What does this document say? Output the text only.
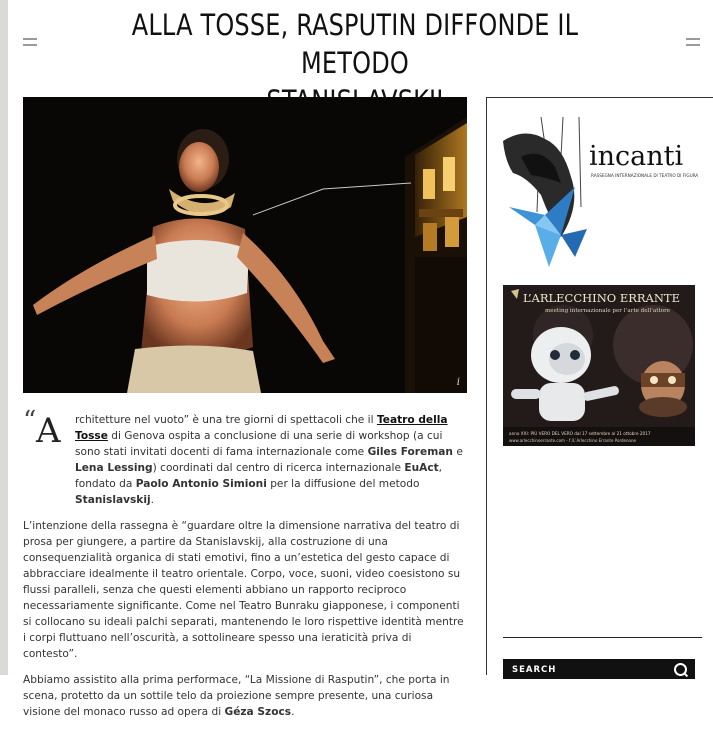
ALLA TOSSE, RASPUTIN DIFFONDE IL METODO

i

“ A	rchitetture nel vuoto” è una tre giorni di spettacoli che il Teatro della Tosse di Genova ospita a conclusione di una serie di workshop (a cui sono stati invitati docenti di fama internazionale come Giles Foreman e Lena Lessing) coordinati dal centro di ricerca internazionale EuAct, fondato da Paolo Antonio Simioni per la diffusione del metodo Stanislavskij.

L’intenzione della rassegna è “guardare oltre la dimensione narrativa del teatro di prosa per giungere, a partire da Stanislavskij, alla costruzione di una consequenzialità organica di stati emotivi, fino a un’estetica del gesto capace di abbracciare idealmente il teatro orientale. Corpo, voce, suoni, video coesistono su flussi paralleli, senza che questi elementi abbiano un rapporto reciproco necessariamente significante. Come nel Teatro Bunraku giapponese, i componenti si collocano su ideali palchi separati, mantenendo le loro rispettive identità mentre i corpi fluttuano nell’oscurità, a sottolineare spesso una ieraticità priva di contesto”.

Abbiamo assistito alla prima performace, “La Missione di Rasputin”, che porta in scena, protetto da un sottile telo da proiezione sempre presente, una curiosa visione del monaco russo ad opera di Géza Szocs.

incanti
RASSEGNA INTERNAZIONALE DI TEATRO DI FIGURA
L’ARLECCHINO ERRANTE
meeting internazionale per l’arte dell’attore
anno XXI: PIÙ VERO DEL VERO dal 17 settembre al 21 ottobre 2017
www.arlecchinoerrante.com - f /L’Arlecchino Errante Pordenone
SEARCH
